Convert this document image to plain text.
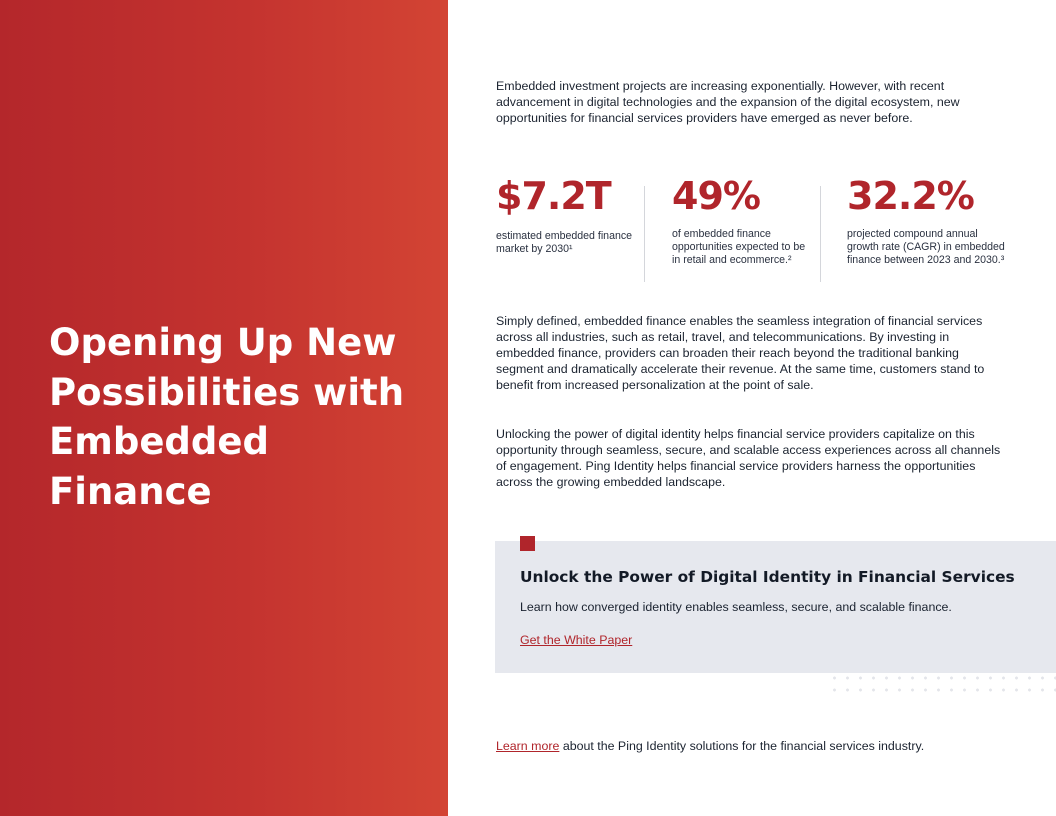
Opening Up New Possibilities with Embedded Finance

Embedded investment projects are increasing exponentially. However, with recent advancement in digital technologies and the expansion of the digital ecosystem, new opportunities for financial services providers have emerged as never before.

$7.2T
estimated embedded finance market by 2030¹
49%
of embedded finance opportunities expected to be in retail and ecommerce.²
32.2%
projected compound annual growth rate (CAGR) in embedded finance between 2023 and 2030.³

Simply defined, embedded finance enables the seamless integration of financial services across all industries, such as retail, travel, and telecommunications. By investing in embedded finance, providers can broaden their reach beyond the traditional banking segment and dramatically accelerate their revenue. At the same time, customers stand to benefit from increased personalization at the point of sale.

Unlocking the power of digital identity helps financial service providers capitalize on this opportunity through seamless, secure, and scalable access experiences across all channels of engagement. Ping Identity helps financial service providers harness the opportunities across the growing embedded landscape.

Unlock the Power of Digital Identity in Financial Services

Learn how converged identity enables seamless, secure, and scalable finance.

Get the White Paper

Learn more about the Ping Identity solutions for the financial services industry.
